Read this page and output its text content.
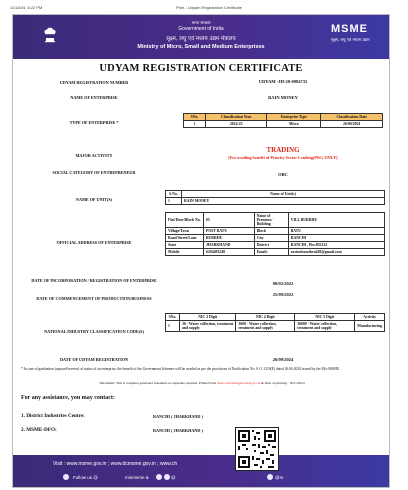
11/18/24, 6:22 PM	Print - Udyam Registration Certificate
भारत सरकार
Government of India
सूक्ष्म, लघु एवं मध्यम उद्यम मंत्रालय
Ministry of Micro, Small and Medium Enterprises
MSME
सूक्ष्म, लघु एवं मध्यम उद्यम
UDYAM REGISTRATION CERTIFICATE
UDYAM REGISTRATION NUMBER	UDYAM -JH-20-0084733
NAME OF ENTERPRISE	RAIN MONEY
TYPE OF ENTERPRISE *
SNo.	Classification Year	Enterprise Type	Classification Date
1	2024-25	Micro	26/09/2024
MAJOR ACTIVITY
TRADING
[For availing benefit of Priority Sector Lending(PSL) ONLY]
SOCIAL CATEGORY OF ENTREPRENEUR	OBC
NAME OF UNIT(S)
S.No.	Name of Unit(s)
1	RAIN MONEY
OFFICIAL ADDRESS OF ENTERPRISE
Flat/Door/Block No.	05	Name of Premises/ Building	VILL BURRHU
Village/Town	POST BATU	Block	BATU
Road/Street/Lane	BURRHU	City	RANCHI
State	JHARKHAND	District	RANCHI , Pin:835222
Mobile	6204493248	Email:	ravindrasuthra420@gmail.com
DATE OF INCORPORATION / REGISTRATION OF ENTERPRISE
08/02/2022
DATE OF COMMENCEMENT OF PRODUCTION/BUSINESS
25/09/2022
NATIONAL INDUSTRY CLASSIFICATION CODE(S)
SNo.	NIC 2 Digit	NIC 4 Digit	NIC 5 Digit	Activity
1	36 - Water collection, treatment and supply	3600 - Water collection, treatment and supply	36000 - Water collection, treatment and supply	Manufacturing
DATE OF UDYAM REGISTRATION	26/09/2024
* In case of graduation (upward/reverse) of status of an enterprise, the benefit of the Government Schemes will be availed as per the provisions of Notification No. S.O. 2119(E) dated 26.06.2020 issued by the M/o MSME.
Disclaimer: This is computer generated statement, no signature required. Printed from https://udyamregistration.gov.in & Date of printing:- 18/11/2024
For any assistance, you may contact:
1. District Industries Centre:	RANCHI ( JHARKHAND )
2. MSME-DFO:	RANCHI ( JHARKHAND )
Visit : www.msme.gov.in ; www.dcmsme.gov.in ; www.ch
Follow us @	minmsme &	@	@m
